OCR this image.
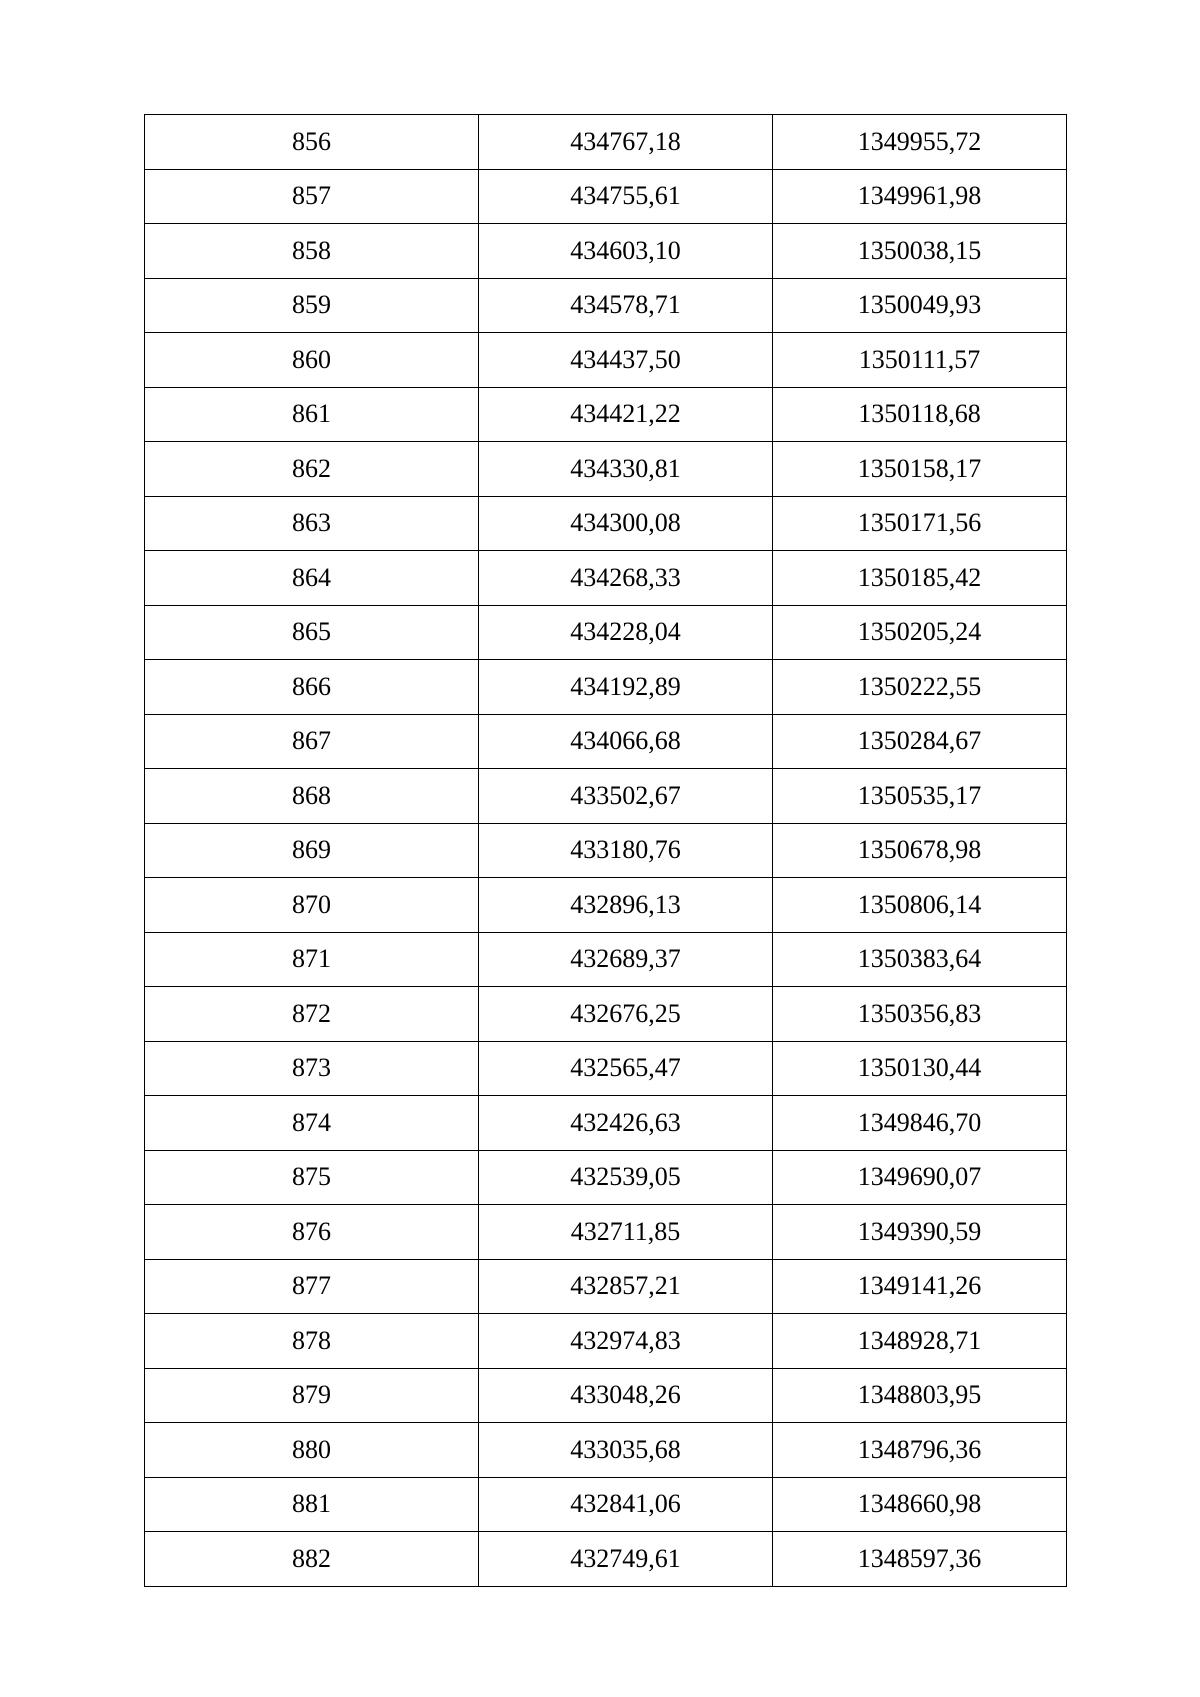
856	434767,18	1349955,72
857	434755,61	1349961,98
858	434603,10	1350038,15
859	434578,71	1350049,93
860	434437,50	1350111,57
861	434421,22	1350118,68
862	434330,81	1350158,17
863	434300,08	1350171,56
864	434268,33	1350185,42
865	434228,04	1350205,24
866	434192,89	1350222,55
867	434066,68	1350284,67
868	433502,67	1350535,17
869	433180,76	1350678,98
870	432896,13	1350806,14
871	432689,37	1350383,64
872	432676,25	1350356,83
873	432565,47	1350130,44
874	432426,63	1349846,70
875	432539,05	1349690,07
876	432711,85	1349390,59
877	432857,21	1349141,26
878	432974,83	1348928,71
879	433048,26	1348803,95
880	433035,68	1348796,36
881	432841,06	1348660,98
882	432749,61	1348597,36
